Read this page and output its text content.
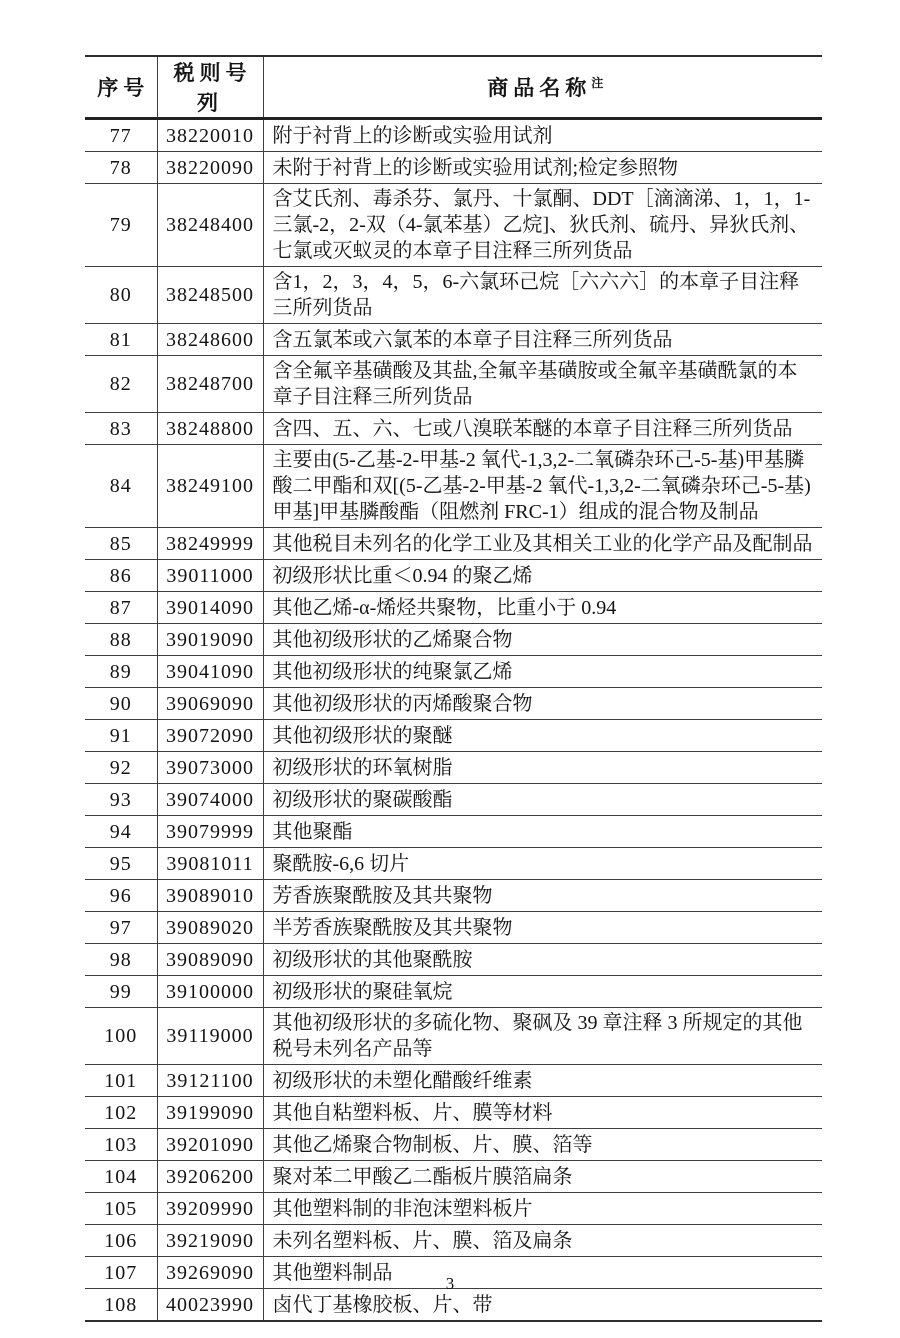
序号	税则号列	商品名称$^注$
77	38220010	附于衬背上的诊断或实验用试剂
78	38220090	未附于衬背上的诊断或实验用试剂;检定参照物
79	38248400	含艾氏剂、毒杀芬、氯丹、十氯酮、DDT［滴滴涕、1，1，1-三氯-2，2-双（4-氯苯基）乙烷]、狄氏剂、硫丹、异狄氏剂、七氯或灭蚁灵的本章子目注释三所列货品
80	38248500	含1，2，3，4，5，6-六氯环己烷［六六六］的本章子目注释三所列货品
81	38248600	含五氯苯或六氯苯的本章子目注释三所列货品
82	38248700	含全氟辛基磺酸及其盐,全氟辛基磺胺或全氟辛基磺酰氯的本章子目注释三所列货品
83	38248800	含四、五、六、七或八溴联苯醚的本章子目注释三所列货品
84	38249100	主要由(5-乙基-2-甲基-2 氧代-1,3,2-二氧磷杂环己-5-基)甲基膦酸二甲酯和双[(5-乙基-2-甲基-2 氧代-1,3,2-二氧磷杂环己-5-基)甲基]甲基膦酸酯（阻燃剂 FRC-1）组成的混合物及制品
85	38249999	其他税目未列名的化学工业及其相关工业的化学产品及配制品
86	39011000	初级形状比重＜0.94 的聚乙烯
87	39014090	其他乙烯-α-烯烃共聚物，比重小于 0.94
88	39019090	其他初级形状的乙烯聚合物
89	39041090	其他初级形状的纯聚氯乙烯
90	39069090	其他初级形状的丙烯酸聚合物
91	39072090	其他初级形状的聚醚
92	39073000	初级形状的环氧树脂
93	39074000	初级形状的聚碳酸酯
94	39079999	其他聚酯
95	39081011	聚酰胺-6,6 切片
96	39089010	芳香族聚酰胺及其共聚物
97	39089020	半芳香族聚酰胺及其共聚物
98	39089090	初级形状的其他聚酰胺
99	39100000	初级形状的聚硅氧烷
100	39119000	其他初级形状的多硫化物、聚砜及 39 章注释 3 所规定的其他税号未列名产品等
101	39121100	初级形状的未塑化醋酸纤维素
102	39199090	其他自粘塑料板、片、膜等材料
103	39201090	其他乙烯聚合物制板、片、膜、箔等
104	39206200	聚对苯二甲酸乙二酯板片膜箔扁条
105	39209990	其他塑料制的非泡沫塑料板片
106	39219090	未列名塑料板、片、膜、箔及扁条
107	39269090	其他塑料制品
108	40023990	卤代丁基橡胶板、片、带
3
